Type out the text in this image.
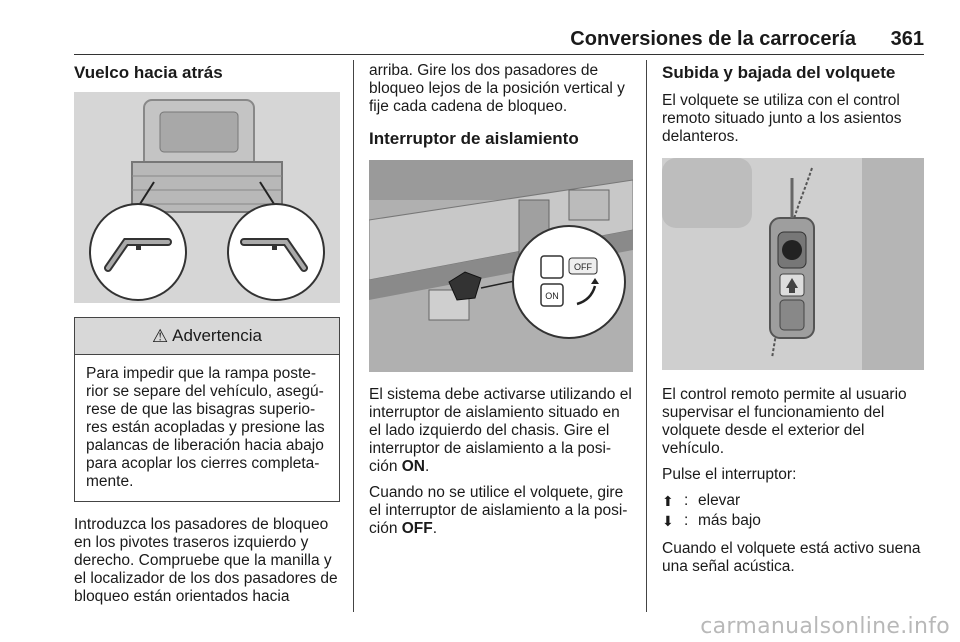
Conversiones de la carrocería 361
Vuelco hacia atrás
⚠ Advertencia
Para impedir que la rampa poste-rior se separe del vehículo, asegú-rese de que las bisagras superio-res están acopladas y presione las palancas de liberación hacia abajo para acoplar los cierres completa-mente.

Introduzca los pasadores de bloqueo en los pivotes traseros izquierdo y derecho. Compruebe que la manilla y el localizador de los dos pasadores de bloqueo están orientados hacia

arriba. Gire los dos pasadores de bloqueo lejos de la posición vertical y fije cada cadena de bloqueo.

Interruptor de aislamiento
OFF
ON

El sistema debe activarse utilizando el interruptor de aislamiento situado en el lado izquierdo del chasis. Gire el interruptor de aislamiento a la posi-ción ON.

Cuando no se utilice el volquete, gire el interruptor de aislamiento a la posi-ción OFF.

Subida y bajada del volquete

El volquete se utiliza con el control remoto situado junto a los asientos delanteros.

El control remoto permite al usuario supervisar el funcionamiento del volquete desde el exterior del vehículo.

Pulse el interruptor:

⬆ : elevar
⬇ : más bajo

Cuando el volquete está activo suena una señal acústica.

carmanualsonline.info
